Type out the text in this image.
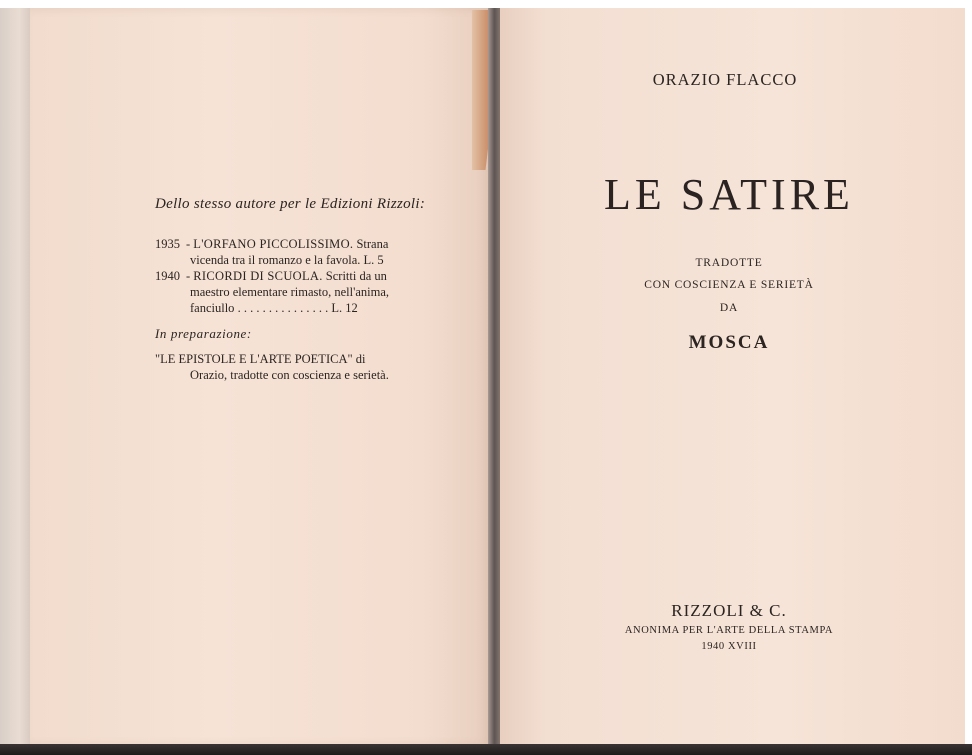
Dello stesso autore per le Edizioni Rizzoli:
1935 - L'ORFANO PICCOLISSIMO. Strana
vicenda tra il romanzo e la favola. L. 5
1940 - RICORDI DI SCUOLA. Scritti da un
maestro elementare rimasto, nell'anima,
fanciullo . . . . . . . . . . . . . . . L. 12
In preparazione:
"LE EPISTOLE E L'ARTE POETICA" di
Orazio, tradotte con coscienza e serietà.
ORAZIO FLACCO
LE SATIRE
TRADOTTE
CON COSCIENZA E SERIETÀ
DA
MOSCA
RIZZOLI & C.
ANONIMA PER L'ARTE DELLA STAMPA
1940 XVIII
